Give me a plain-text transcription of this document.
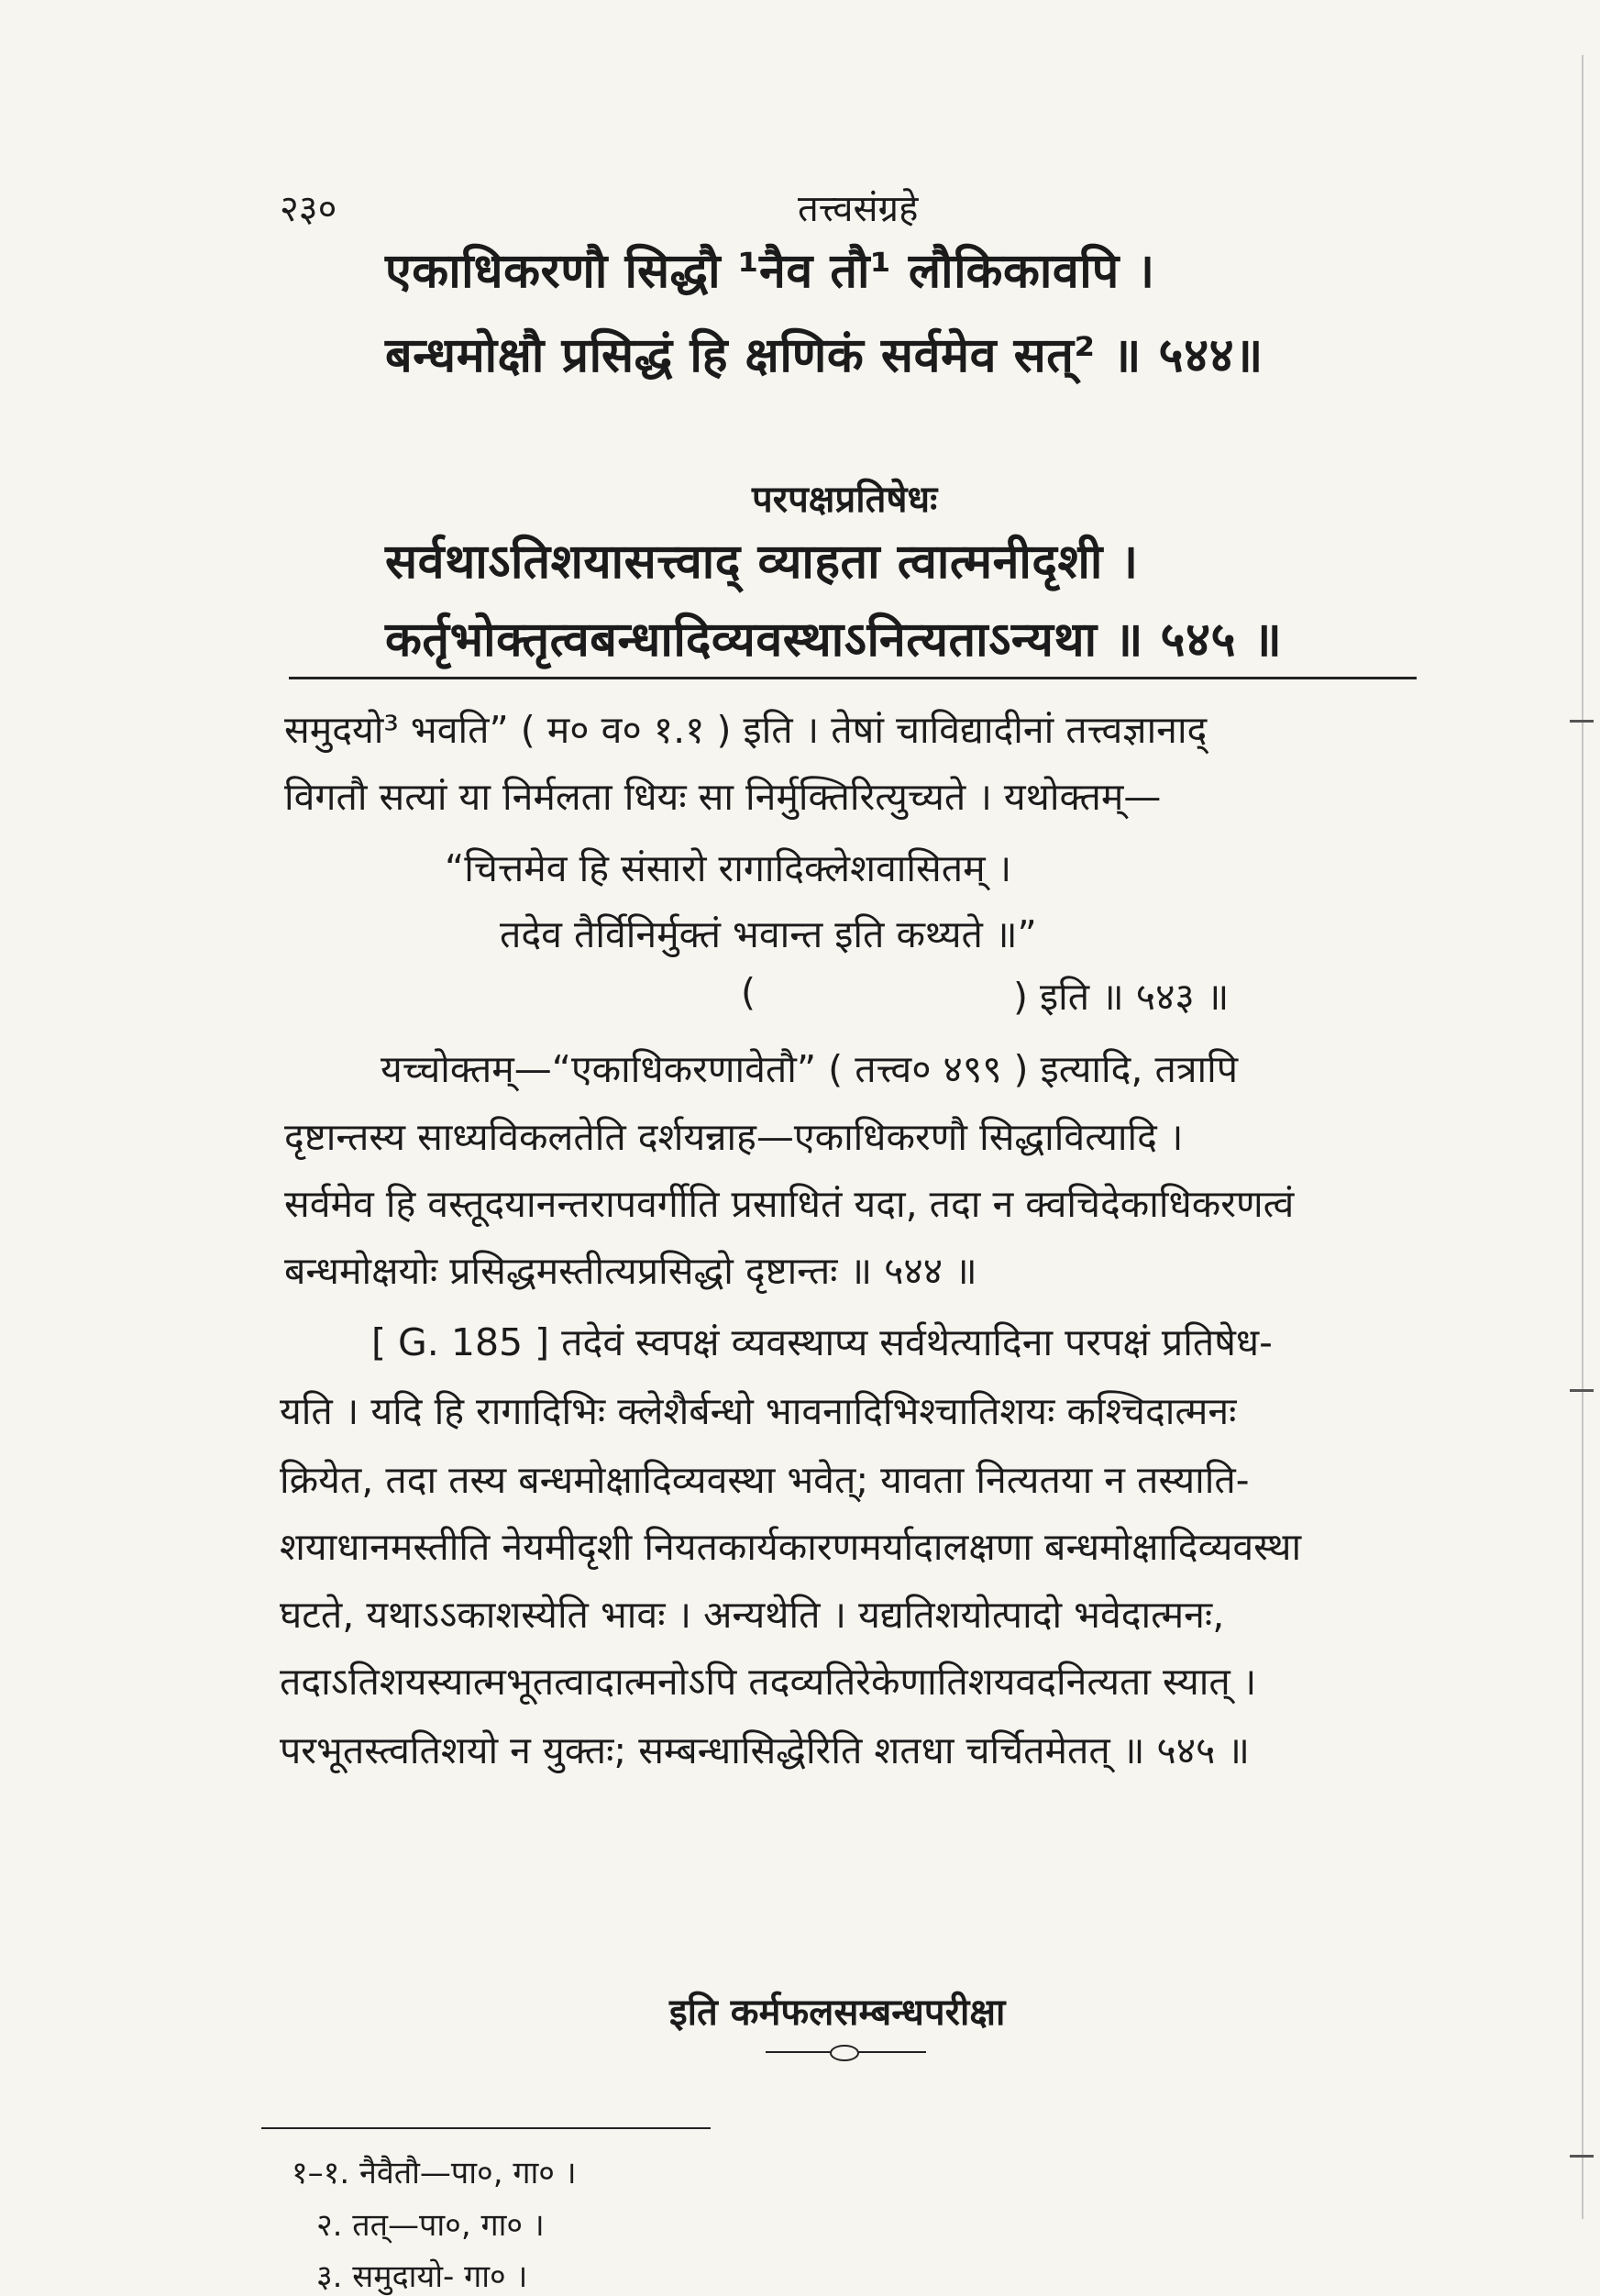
२३०	तत्त्वसंग्रहे
एकाधिकरणौ सिद्धौ ¹नैव तौ¹ लौकिकावपि ।
बन्धमोक्षौ प्रसिद्धं हि क्षणिकं सर्वमेव सत्² ॥ ५४४॥
परपक्षप्रतिषेधः
सर्वथाऽतिशयासत्त्वाद् व्याहता त्वात्मनीदृशी ।
कर्तृभोक्तृत्वबन्धादिव्यवस्थाऽनित्यताऽन्यथा ॥ ५४५ ॥
समुदयो³ भवति” ( म० व० १.१ ) इति । तेषां चाविद्यादीनां तत्त्वज्ञानाद्
विगतौ सत्यां या निर्मलता धियः सा निर्मुक्तिरित्युच्यते । यथोक्तम्—
“चित्तमेव हि संसारो रागादिक्लेशवासितम् ।
तदेव तैर्विनिर्मुक्तं भवान्त इति कथ्यते ॥”
(	) इति ॥ ५४३ ॥
यच्चोक्तम्—“एकाधिकरणावेतौ” ( तत्त्व० ४९९ ) इत्यादि, तत्रापि
दृष्टान्तस्य साध्यविकलतेति दर्शयन्नाह—एकाधिकरणौ सिद्धावित्यादि ।
सर्वमेव हि वस्तूदयानन्तरापवर्गीति प्रसाधितं यदा, तदा न क्वचिदेकाधिकरणत्वं
बन्धमोक्षयोः प्रसिद्धमस्तीत्यप्रसिद्धो दृष्टान्तः ॥ ५४४ ॥
[ G. 185 ] तदेवं स्वपक्षं व्यवस्थाप्य सर्वथेत्यादिना परपक्षं प्रतिषेध-
यति । यदि हि रागादिभिः क्लेशैर्बन्धो भावनादिभिश्चातिशयः कश्चिदात्मनः
क्रियेत, तदा तस्य बन्धमोक्षादिव्यवस्था भवेत्; यावता नित्यतया न तस्याति-
शयाधानमस्तीति नेयमीदृशी नियतकार्यकारणमर्यादालक्षणा बन्धमोक्षादिव्यवस्था
घटते, यथाऽऽकाशस्येति भावः । अन्यथेति । यद्यतिशयोत्पादो भवेदात्मनः,
तदाऽतिशयस्यात्मभूतत्वादात्मनोऽपि तदव्यतिरेकेणातिशयवदनित्यता स्यात् ।
परभूतस्त्वतिशयो न युक्तः; सम्बन्धासिद्धेरिति शतधा चर्चितमेतत् ॥ ५४५ ॥
इति कर्मफलसम्बन्धपरीक्षा
१–१. नैवैतौ—पा०, गा० ।
२. तत्—पा०, गा० ।
३. समुदायो- गा० ।
